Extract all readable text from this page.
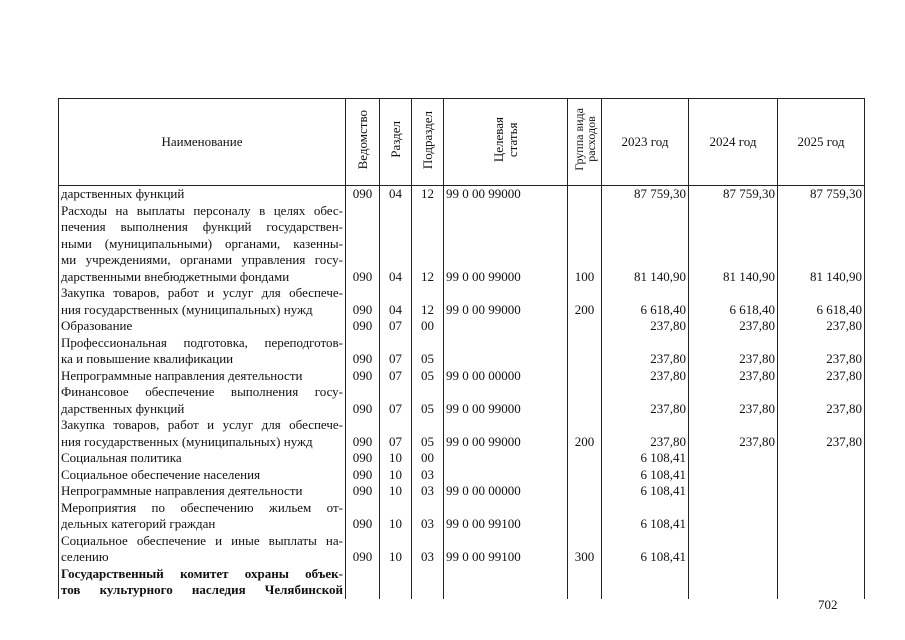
Наименование	Ведомство	Раздел	Подраздел	Целевая
статья	Группа вида
расходов	2023 год	2024 год	2025 год

дарственных функций	090	04	12	99 0 00 99000		87 759,30	87 759,30	87 759,30

Расходы на выплаты персоналу в целях обес-
печения выполнения функций государствен-
ными (муниципальными) органами, казенны-
ми учреждениями, органами управления госу-
дарственными внебюджетными фондами	090	04	12	99 0 00 99000	100	81 140,90	81 140,90	81 140,90

Закупка товаров, работ и услуг для обеспече-
ния государственных (муниципальных) нужд	090	04	12	99 0 00 99000	200	6 618,40	6 618,40	6 618,40

Образование	090	07	00			237,80	237,80	237,80

Профессиональная подготовка, переподготов-
ка и повышение квалификации	090	07	05			237,80	237,80	237,80

Непрограммные направления деятельности	090	07	05	99 0 00 00000		237,80	237,80	237,80

Финансовое обеспечение выполнения госу-
дарственных функций	090	07	05	99 0 00 99000		237,80	237,80	237,80

Закупка товаров, работ и услуг для обеспече-
ния государственных (муниципальных) нужд	090	07	05	99 0 00 99000	200	237,80	237,80	237,80

Социальная политика	090	10	00			6 108,41		

Социальное обеспечение населения	090	10	03			6 108,41		

Непрограммные направления деятельности	090	10	03	99 0 00 00000		6 108,41		

Мероприятия по обеспечению жильем от-
дельных категорий граждан	090	10	03	99 0 00 99100		6 108,41		

Социальное обеспечение и иные выплаты на-
селению	090	10	03	99 0 00 99100	300	6 108,41		

Государственный комитет охраны объек-
тов культурного наследия Челябинской								

702
